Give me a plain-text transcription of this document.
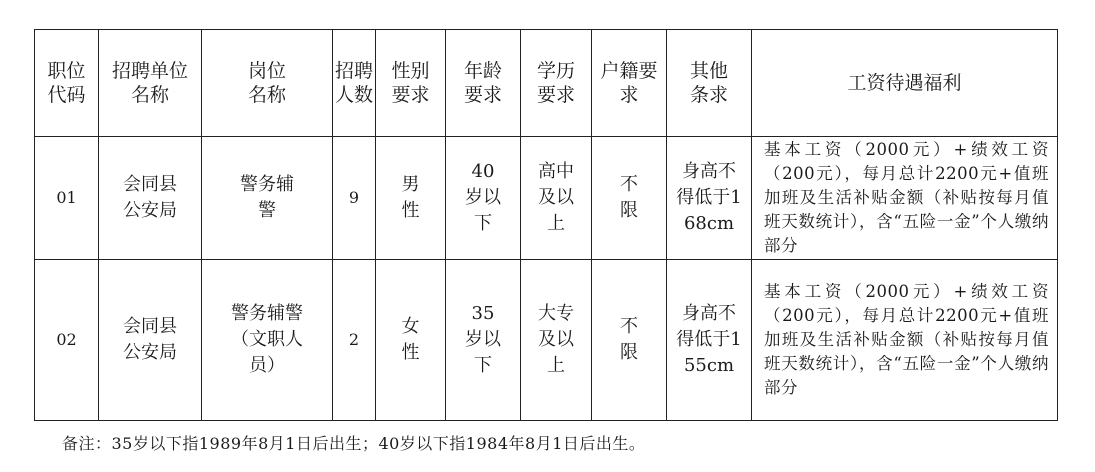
职位代码	招聘单位名称	岗位名称	招聘人数	性别要求	年龄要求	学历要求	户籍要求	其他条求	工资待遇福利
01	会同县公安局	警务辅警	9	男性	40岁以下	高中及以上	不限	身高不得低于168cm	基本工资（2000元）+绩效工资（200元），每月总计2200元+值班加班及生活补贴金额（补贴按每月值班天数统计），含“五险一金”个人缴纳部分
02	会同县公安局	警务辅警（文职人员）	2	女性	35岁以下	大专及以上	不限	身高不得低于155cm	基本工资（2000元）+绩效工资（200元），每月总计2200元+值班加班及生活补贴金额（补贴按每月值班天数统计），含“五险一金”个人缴纳部分
备注：35岁以下指1989年8月1日后出生；40岁以下指1984年8月1日后出生。
